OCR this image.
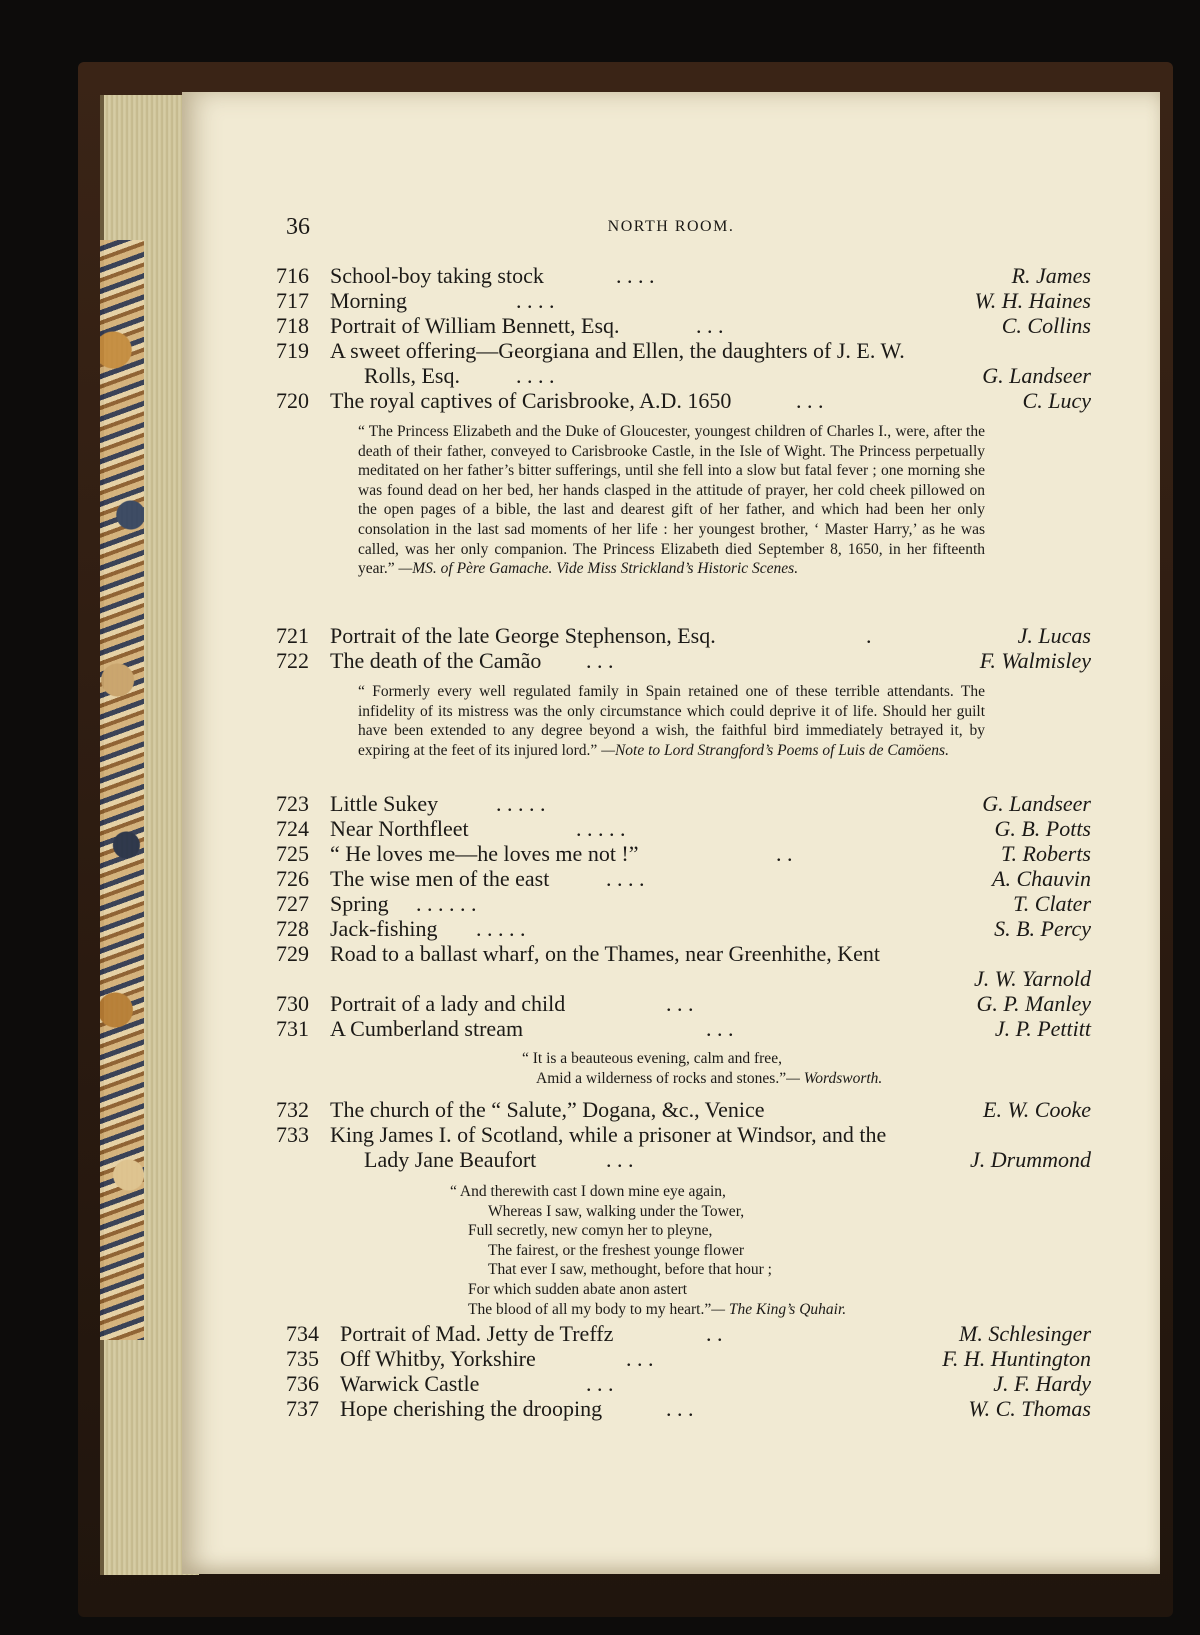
36	NORTH ROOM.
716 School-boy taking stock	. . . .	R. James
717 Morning	. . . .	W. H. Haines
718 Portrait of William Bennett, Esq.	. . .	C. Collins
719 A sweet offering—Georgiana and Ellen, the daughters of J. E. W.
Rolls, Esq.	. . . .	G. Landseer
720 The royal captives of Carisbrooke, A.D. 1650	. . .	C. Lucy
“ The Princess Elizabeth and the Duke of Gloucester, youngest children of Charles I., were, after the death of their father, conveyed to Carisbrooke Castle, in the Isle of Wight. The Princess perpetually meditated on her father’s bitter sufferings, until she fell into a slow but fatal fever ; one morning she was found dead on her bed, her hands clasped in the attitude of prayer, her cold cheek pillowed on the open pages of a bible, the last and dearest gift of her father, and which had been her only consolation in the last sad moments of her life : her youngest brother, ‘ Master Harry,’ as he was called, was her only companion. The Princess Elizabeth died September 8, 1650, in her fifteenth year.” —MS. of Père Gamache. Vide Miss Strickland’s Historic Scenes.
721 Portrait of the late George Stephenson, Esq.	.	J. Lucas
722 The death of the Camão . . .	F. Walmisley
“ Formerly every well regulated family in Spain retained one of these terrible attendants. The infidelity of its mistress was the only circumstance which could deprive it of life. Should her guilt have been extended to any degree beyond a wish, the faithful bird immediately betrayed it, by expiring at the feet of its injured lord.” —Note to Lord Strangford’s Poems of Luis de Camöens.
723 Little Sukey	. . . . .	G. Landseer
724 Near Northfleet	. . . . .	G. B. Potts
725 “ He loves me—he loves me not !”	. .	T. Roberts
726 The wise men of the east	. . . .	A. Chauvin
727 Spring . . . . . .	T. Clater
728 Jack-fishing . . . . .	S. B. Percy
729 Road to a ballast wharf, on the Thames, near Greenhithe, Kent
J. W. Yarnold
730 Portrait of a lady and child	. . .	G. P. Manley
731 A Cumberland stream	. . .	J. P. Pettitt
“ It is a beauteous evening, calm and free,
Amid a wilderness of rocks and stones.”— Wordsworth.
732 The church of the “ Salute,” Dogana, &c., Venice	E. W. Cooke
733 King James I. of Scotland, while a prisoner at Windsor, and the
Lady Jane Beaufort	. . .	J. Drummond
“ And therewith cast I down mine eye again,
Whereas I saw, walking under the Tower,
Full secretly, new comyn her to pleyne,
The fairest, or the freshest younge flower
That ever I saw, methought, before that hour ;
For which sudden abate anon astert
The blood of all my body to my heart.”— The King’s Quhair.
734 Portrait of Mad. Jetty de Treffz	. .	M. Schlesinger
735 Off Whitby, Yorkshire	. . .	F. H. Huntington
736 Warwick Castle	. . .	J. F. Hardy
737 Hope cherishing the drooping	. . .	W. C. Thomas
